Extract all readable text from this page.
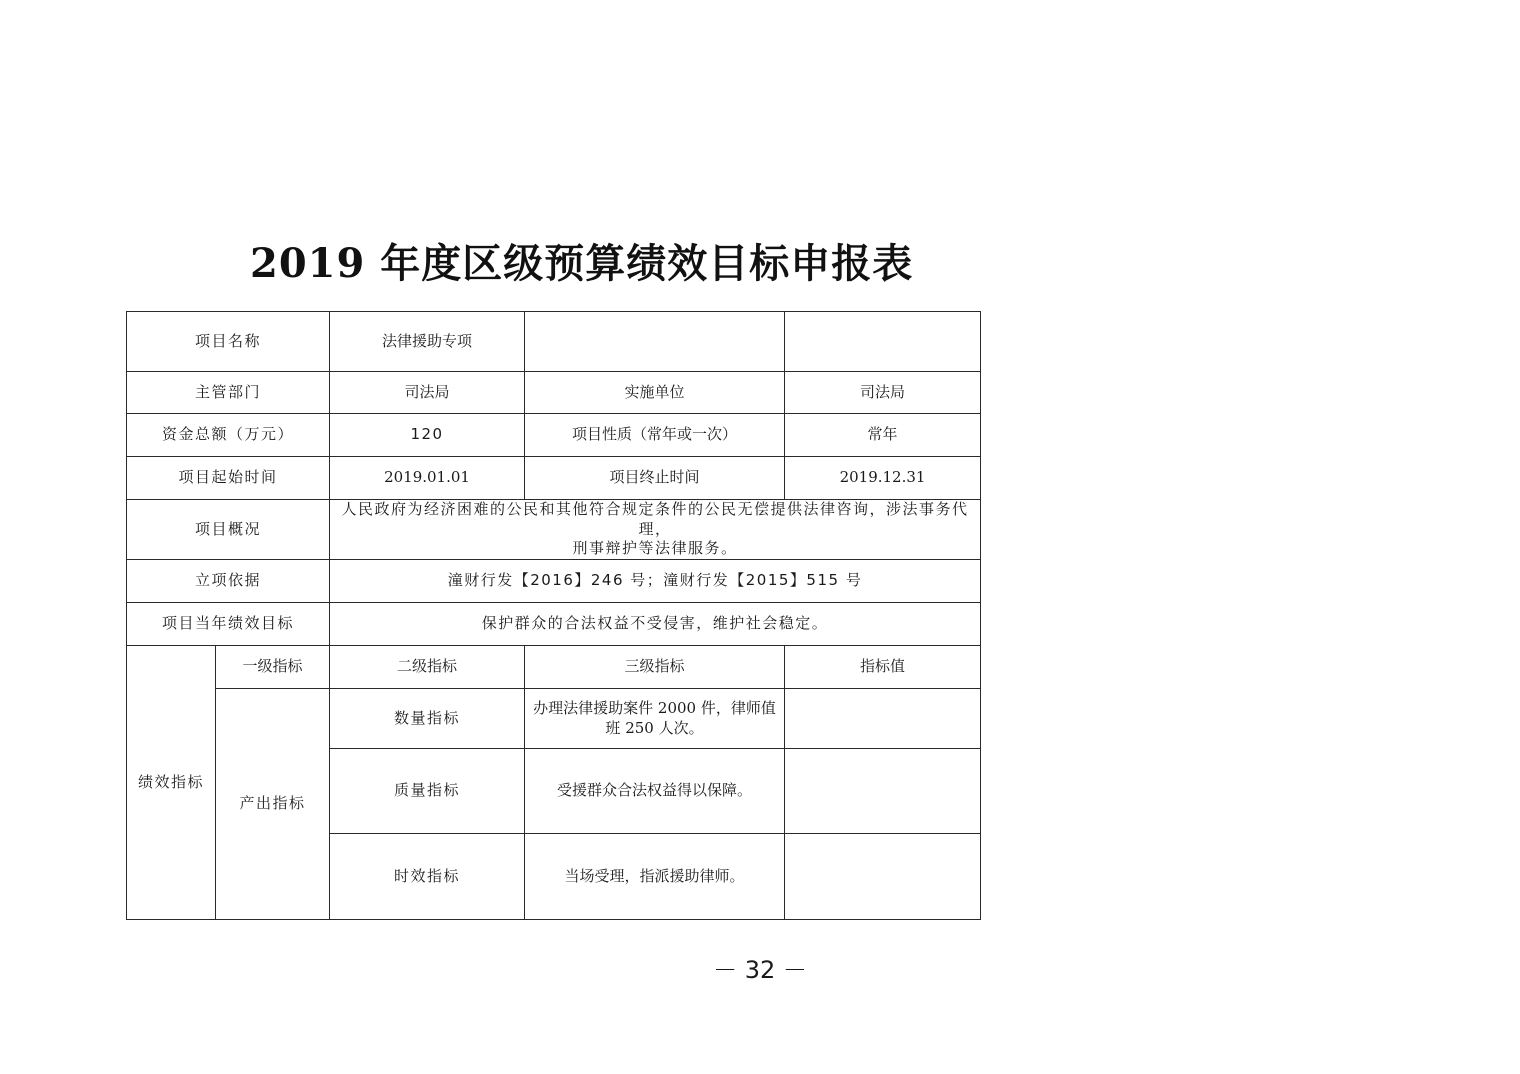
2019 年度区级预算绩效目标申报表
项目名称		法律援助专项		
主管部门		司法局	实施单位	司法局
资金总额（万元）		120	项目性质（常年或一次）	常年
项目起始时间		2019.01.01	项目终止时间	2019.12.31
项目概况		人民政府为经济困难的公民和其他符合规定条件的公民无偿提供法律咨询，涉法事务代理，
刑事辩护等法律服务。		

立项依据		潼财行发【2016】246 号；潼财行发【2015】515 号		
项目当年绩效目标		保护群众的合法权益不受侵害，维护社会稳定。		
绩效指标	一级指标	二级指标	三级指标	指标值
	产出指标	数量指标	办理法律援助案件 2000 件，律师值
班 250 人次。	

		质量指标	受援群众合法权益得以保障。	
		时效指标	当场受理，指派援助律师。	
－ 32 －
